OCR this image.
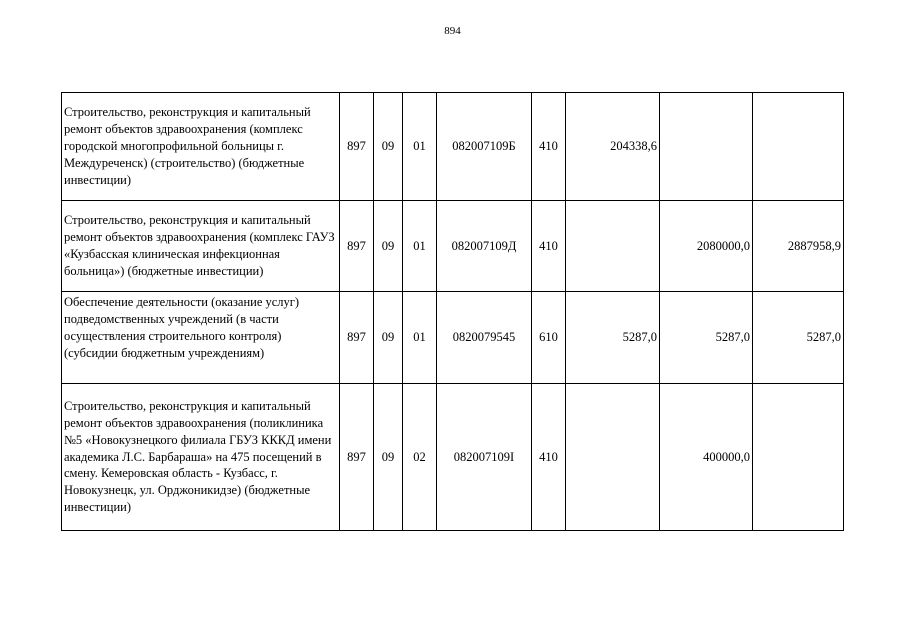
894
Строительство, реконструкция и капитальный ремонт объектов здравоохранения (комплекс городской многопрофильной больницы г. Междуреченск) (строительство) (бюджетные инвестиции)	897	09	01	082007109Б	410	204338,6		
Строительство, реконструкция и капитальный ремонт объектов здравоохранения (комплекс ГАУЗ «Кузбасская клиническая инфекционная больница») (бюджетные инвестиции)	897	09	01	082007109Д	410		2080000,0	2887958,9
Обеспечение деятельности (оказание услуг) подведомственных учреждений (в части осуществления строительного контроля) (субсидии бюджетным учреждениям)	897	09	01	0820079545	610	5287,0	5287,0	5287,0
Строительство, реконструкция и капитальный ремонт объектов здравоохранения (поликлиника №5 «Новокузнецкого филиала ГБУЗ КККД имени академика Л.С. Барбараша» на 475 посещений в смену. Кемеровская область - Кузбасс, г. Новокузнецк, ул. Орджоникидзе) (бюджетные инвестиции)	897	09	02	082007109I	410		400000,0	
